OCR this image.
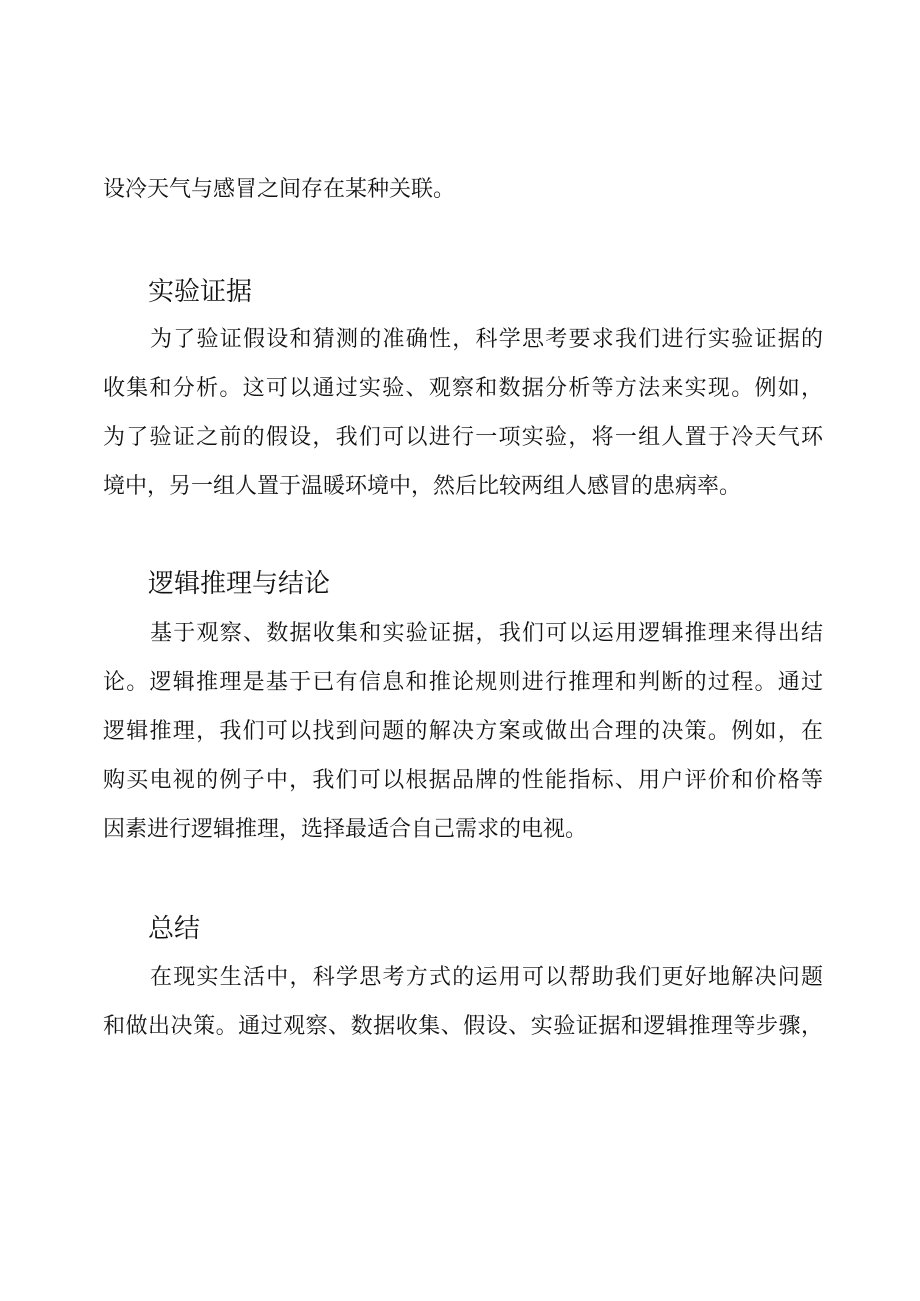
设冷天气与感冒之间存在某种关联。
实验证据
为了验证假设和猜测的准确性，科学思考要求我们进行实验证据的
收集和分析。这可以通过实验、观察和数据分析等方法来实现。例如，
为了验证之前的假设，我们可以进行一项实验，将一组人置于冷天气环
境中，另一组人置于温暖环境中，然后比较两组人感冒的患病率。
逻辑推理与结论
基于观察、数据收集和实验证据，我们可以运用逻辑推理来得出结
论。逻辑推理是基于已有信息和推论规则进行推理和判断的过程。通过
逻辑推理，我们可以找到问题的解决方案或做出合理的决策。例如，在
购买电视的例子中，我们可以根据品牌的性能指标、用户评价和价格等
因素进行逻辑推理，选择最适合自己需求的电视。
总结
在现实生活中，科学思考方式的运用可以帮助我们更好地解决问题
和做出决策。通过观察、数据收集、假设、实验证据和逻辑推理等步骤，
